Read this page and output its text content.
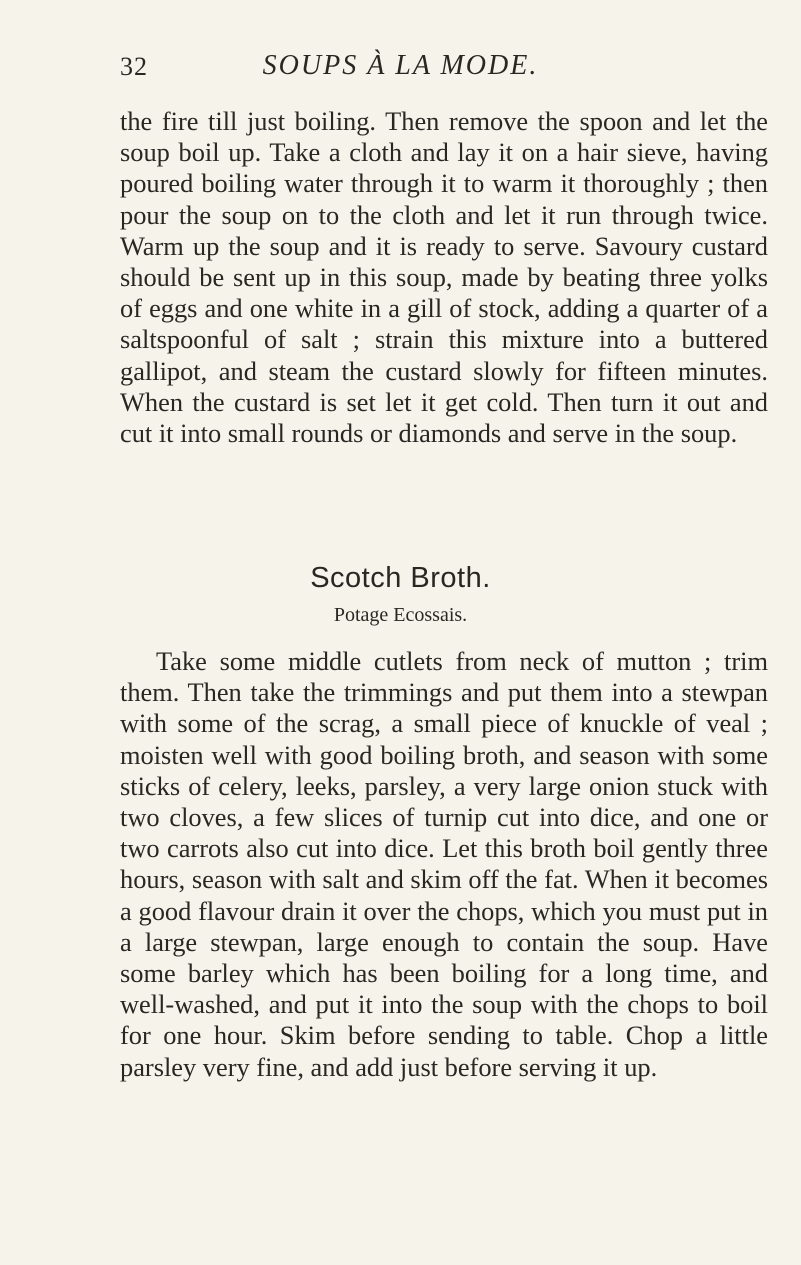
32	SOUPS À LA MODE.

the fire till just boiling. Then remove the spoon and let the soup boil up. Take a cloth and lay it on a hair sieve, having poured boiling water through it to warm it thoroughly ; then pour the soup on to the cloth and let it run through twice. Warm up the soup and it is ready to serve. Savoury custard should be sent up in this soup, made by beating three yolks of eggs and one white in a gill of stock, adding a quarter of a saltspoonful of salt ; strain this mixture into a buttered gallipot, and steam the custard slowly for fifteen minutes. When the custard is set let it get cold. Then turn it out and cut it into small rounds or diamonds and serve in the soup.

Scotch Broth.

Potage Ecossais.

Take some middle cutlets from neck of mutton ; trim them. Then take the trimmings and put them into a stewpan with some of the scrag, a small piece of knuckle of veal ; moisten well with good boiling broth, and season with some sticks of celery, leeks, parsley, a very large onion stuck with two cloves, a few slices of turnip cut into dice, and one or two carrots also cut into dice. Let this broth boil gently three hours, season with salt and skim off the fat. When it becomes a good flavour drain it over the chops, which you must put in a large stewpan, large enough to contain the soup. Have some barley which has been boiling for a long time, and well-washed, and put it into the soup with the chops to boil for one hour. Skim before sending to table. Chop a little parsley very fine, and add just before serving it up.
